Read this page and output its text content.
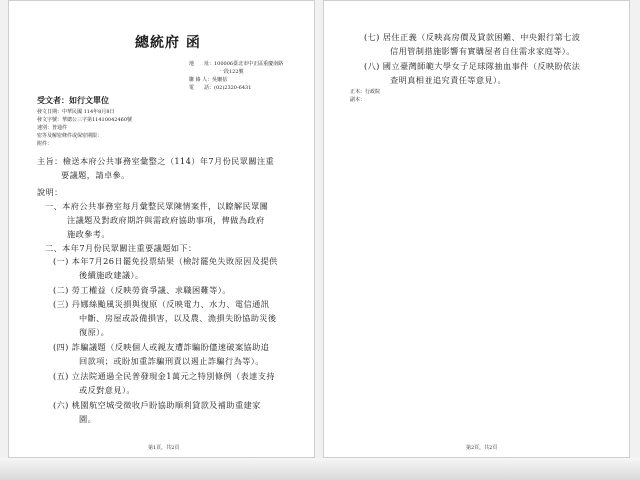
總統府 函
地　　址：100006臺北市中正區重慶南路
一段122號
聯 絡 人：吳姍蓓
電　　話：(02)2320-6431
受文者：如行文單位
發文日期：中華民國 114年8月8日
發文字號：華總公三字第11410042460號
速別：普通件
密等及解密條件或保密期限：
附件：
主旨：檢送本府公共事務室彙整之（114）年7月份民眾關注重
要議題，請卓參。
說明：
一、本府公共事務室每月彙整民眾陳情案件，以瞭解民眾關
注議題及對政府期許與需政府協助事項，俾做為政府
施政參考。
二、本年7月份民眾關注重要議題如下：
(一) 本年7月26日罷免投票結果（檢討罷免失敗原因及提供
後續施政建議）。
(二) 勞工權益（反映勞資爭議、求職困難等）。
(三) 丹娜絲颱風災損與復原（反映電力、水力、電信通訊
中斷、房屋或設備損害，以及農、漁損失盼協助災後
復原）。
(四) 詐騙議題（反映個人或親友遭詐騙盼儘速破案協助追
回款項；或盼加重詐騙刑責以遏止詐騙行為等）。
(五) 立法院通過全民普發現金1萬元之特別條例（表達支持
或反對意見）。
(六) 桃園航空城受徵收戶盼協助順利貸款及補助重建家
園。
第1頁，共2頁
(七) 居住正義（反映高房價及貸款困難、中央銀行第七波
信用管制措施影響有實購屋者自住需求家庭等）。
(八) 國立臺灣師範大學女子足球隊抽血事件（反映盼依法
查明真相並追究責任等意見）。
正本：行政院
副本：
第2頁，共2頁
